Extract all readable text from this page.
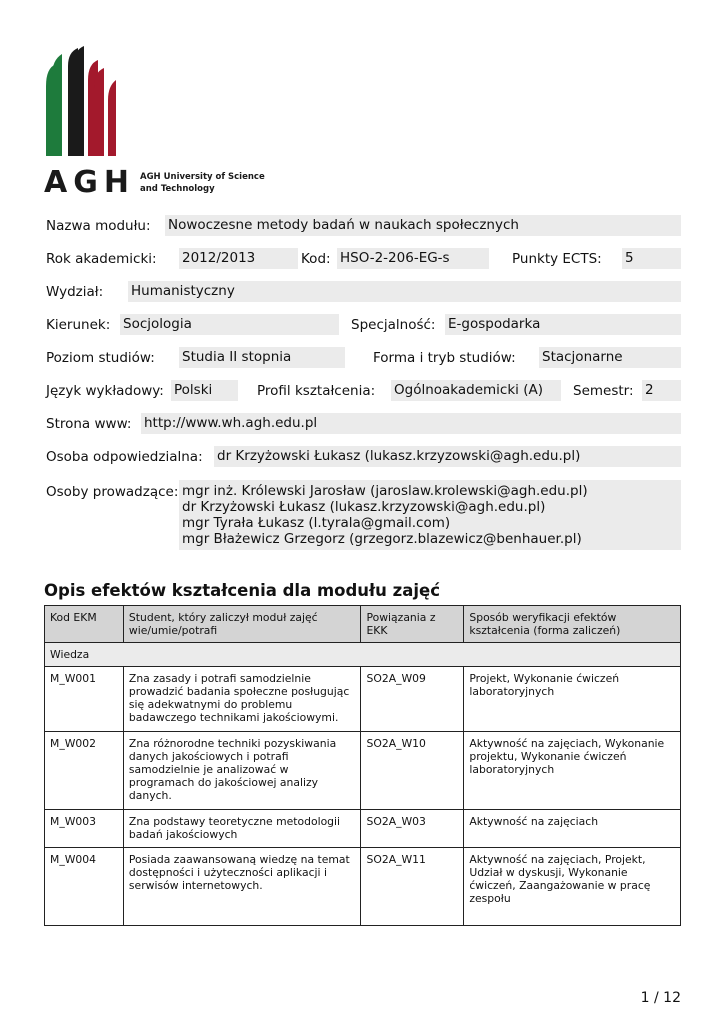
AGH AGH University of Science
and Technology
Nazwa modułu: Nowoczesne metody badań w naukach społecznych
Rok akademicki: 2012/2013	Kod: HSO-2-206-EG-s	Punkty ECTS: 5
Wydział: Humanistyczny
Kierunek: Socjologia	Specjalność: E-gospodarka
Poziom studiów: Studia II stopnia	Forma i tryb studiów: Stacjonarne
Język wykładowy: Polski	Profil kształcenia: Ogólnoakademicki (A)	Semestr: 2
Strona www: http://www.wh.agh.edu.pl
Osoba odpowiedzialna: dr Krzyżowski Łukasz (lukasz.krzyzowski@agh.edu.pl)
Osoby prowadzące: mgr inż. Królewski Jarosław (jaroslaw.krolewski@agh.edu.pl)
dr Krzyżowski Łukasz (lukasz.krzyzowski@agh.edu.pl)
mgr Tyrała Łukasz (l.tyrala@gmail.com)
mgr Błażewicz Grzegorz (grzegorz.blazewicz@benhauer.pl)
Opis efektów kształcenia dla modułu zajęć
Kod EKM	Student, który zaliczył moduł zajęć wie/umie/potrafi	Powiązania z EKK	Sposób weryfikacji efektów kształcenia (forma zaliczeń)
Wiedza			
M_W001	Zna zasady i potrafi samodzielnie prowadzić badania społeczne posługując się adekwatnymi do problemu badawczego technikami jakościowymi.	SO2A_W09	Projekt, Wykonanie ćwiczeń laboratoryjnych
M_W002	Zna różnorodne techniki pozyskiwania danych jakościowych i potrafi samodzielnie je analizować w programach do jakościowej analizy danych.	SO2A_W10	Aktywność na zajęciach, Wykonanie projektu, Wykonanie ćwiczeń laboratoryjnych
M_W003	Zna podstawy teoretyczne metodologii badań jakościowych	SO2A_W03	Aktywność na zajęciach
M_W004	Posiada zaawansowaną wiedzę na temat dostępności i użyteczności aplikacji i serwisów internetowych.	SO2A_W11	Aktywność na zajęciach, Projekt, Udział w dyskusji, Wykonanie ćwiczeń, Zaangażowanie w pracę zespołu
1 / 12
